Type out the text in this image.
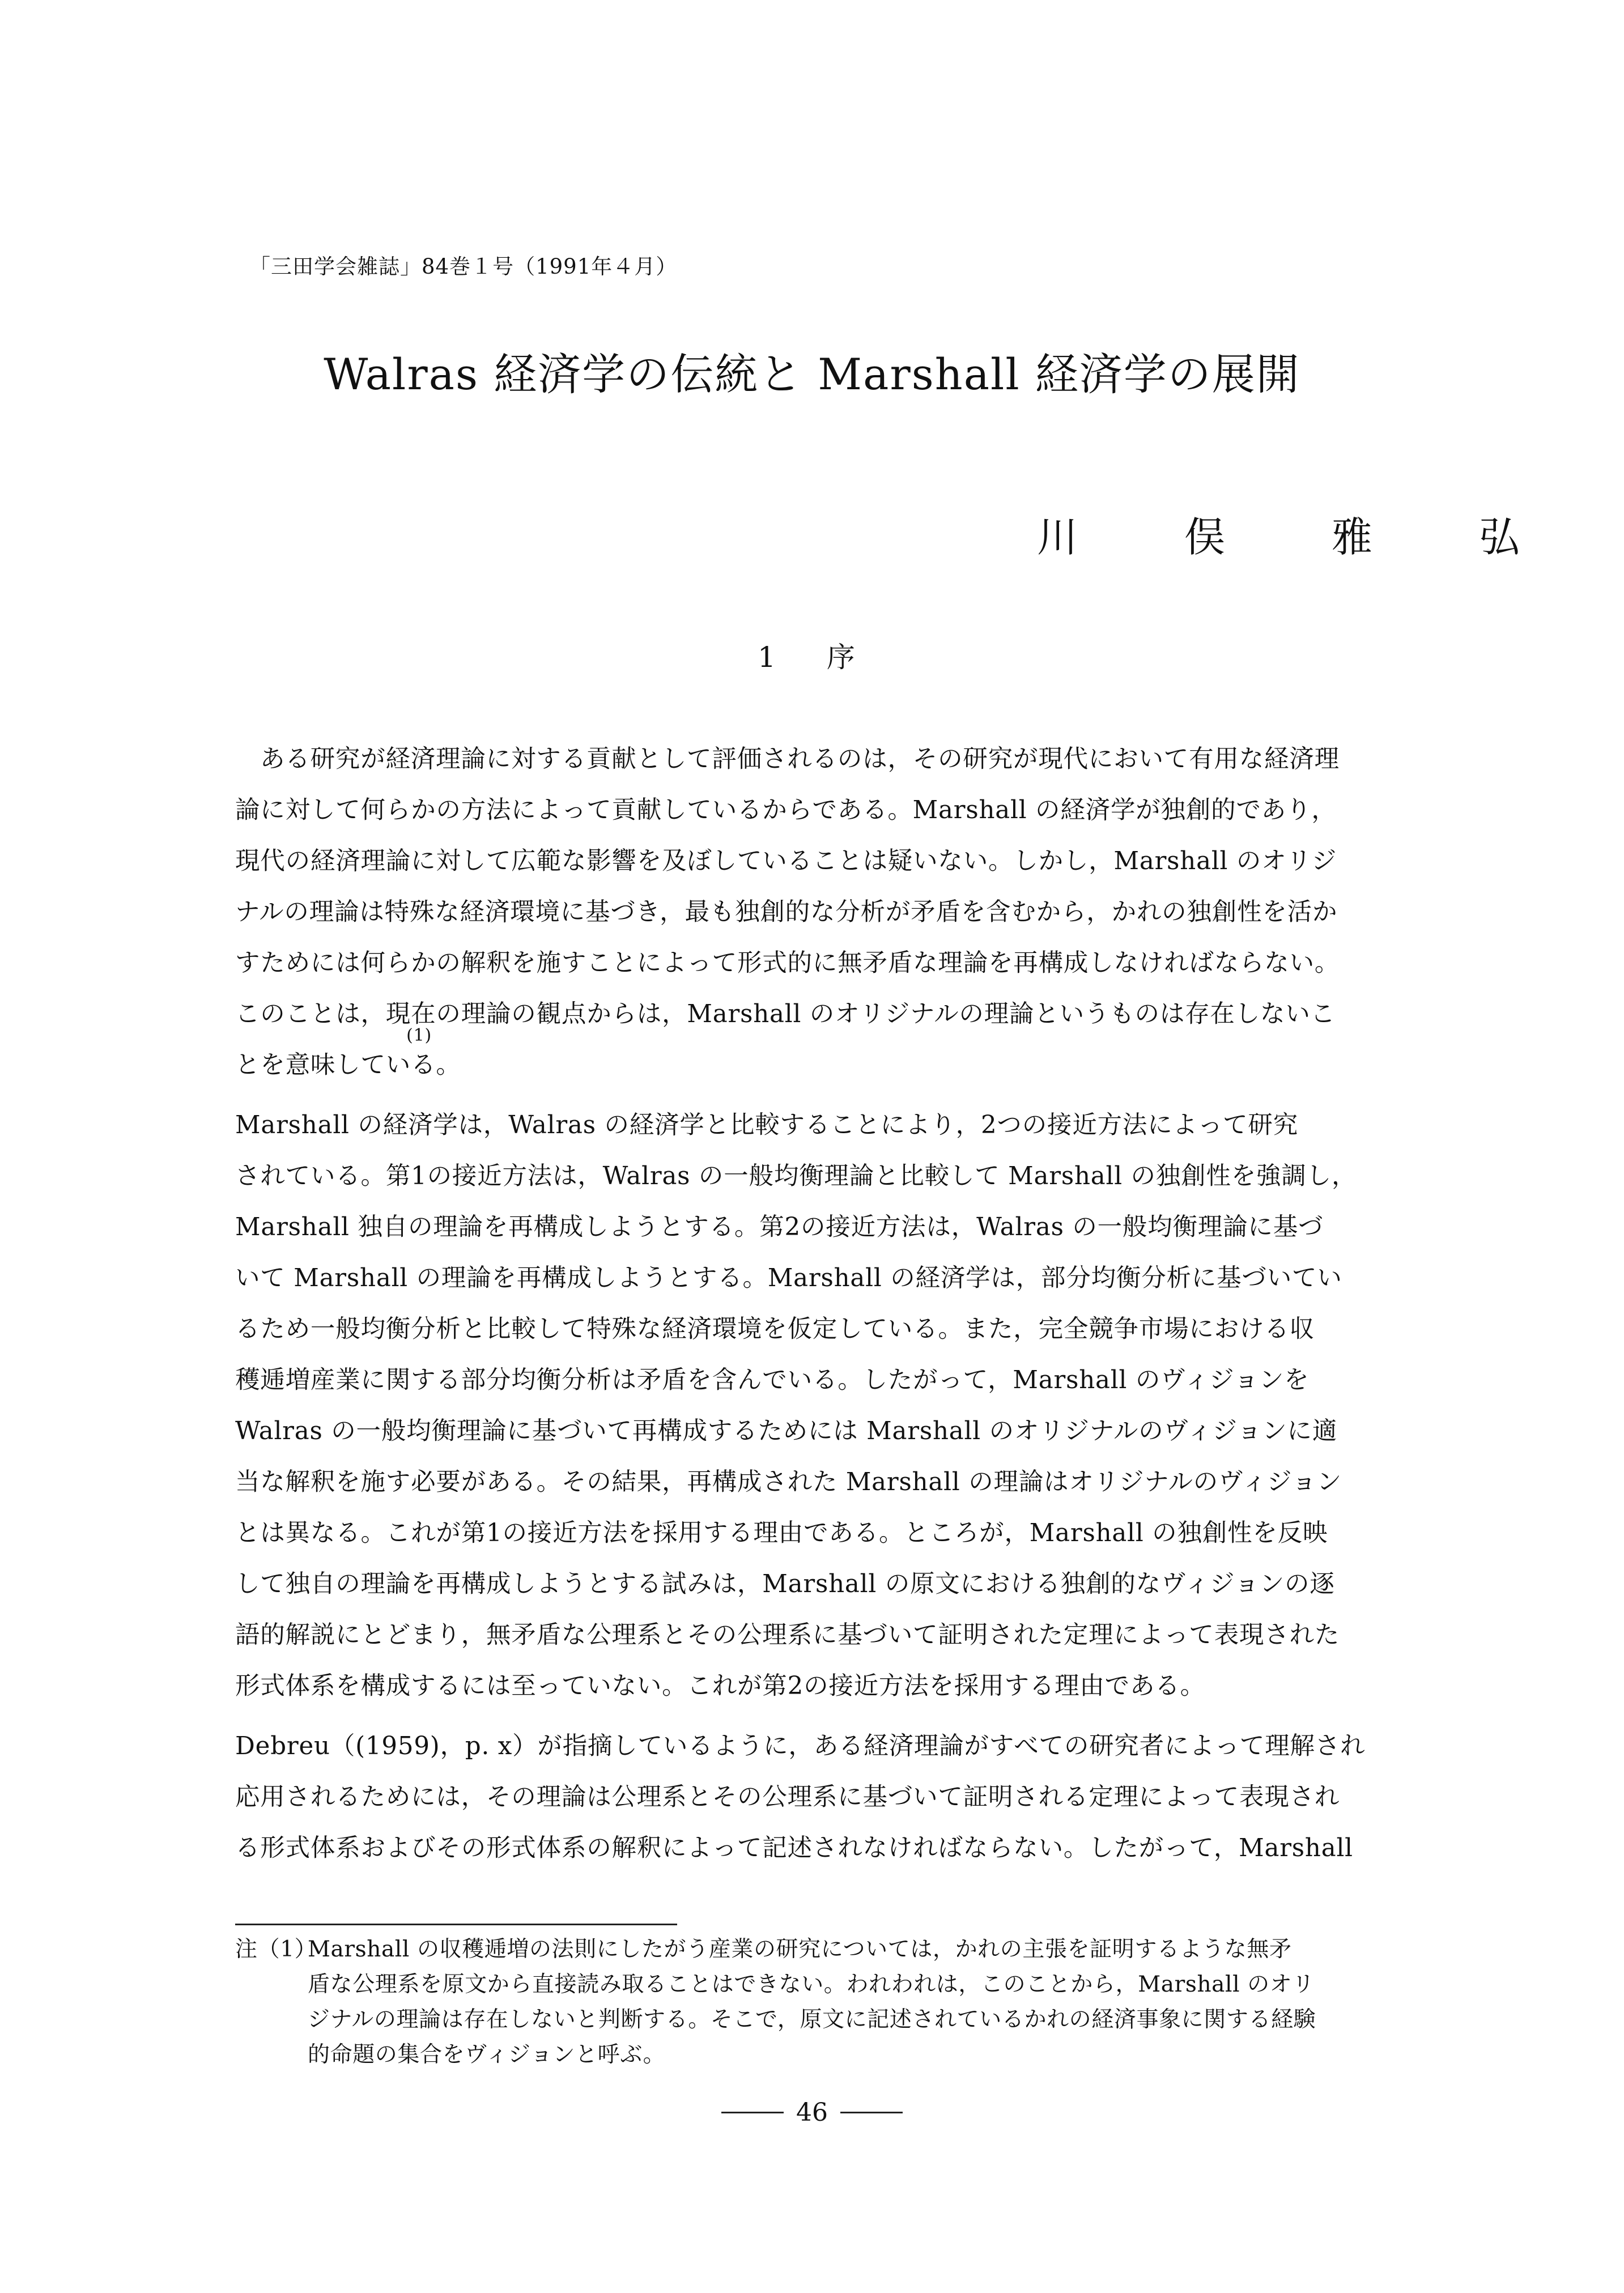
「三田学会雑誌」84巻１号（1991年４月）
Walras 経済学の伝統と Marshall 経済学の展開
川　俣　雅　弘
1　序
ある研究が経済理論に対する貢献として評価されるのは，その研究が現代において有用な経済理
論に対して何らかの方法によって貢献しているからである。Marshall の経済学が独創的であり，
現代の経済理論に対して広範な影響を及ぼしていることは疑いない。しかし，Marshall のオリジ
ナルの理論は特殊な経済環境に基づき，最も独創的な分析が矛盾を含むから，かれの独創性を活か
すためには何らかの解釈を施すことによって形式的に無矛盾な理論を再構成しなければならない。
このことは，現在の理論の観点からは，Marshall のオリジナルの理論というものは存在しないこ
とを意味してい
(1)
る。
Marshall の経済学は，Walras の経済学と比較することにより，2つの接近方法によって研究
されている。第1の接近方法は，Walras の一般均衡理論と比較して Marshall の独創性を強調し，
Marshall 独自の理論を再構成しようとする。第2の接近方法は，Walras の一般均衡理論に基づ
いて Marshall の理論を再構成しようとする。Marshall の経済学は，部分均衡分析に基づいてい
るため一般均衡分析と比較して特殊な経済環境を仮定している。また，完全競争市場における収
穫逓増産業に関する部分均衡分析は矛盾を含んでいる。したがって，Marshall のヴィジョンを
Walras の一般均衡理論に基づいて再構成するためには Marshall のオリジナルのヴィジョンに適
当な解釈を施す必要がある。その結果，再構成された Marshall の理論はオリジナルのヴィジョン
とは異なる。これが第1の接近方法を採用する理由である。ところが，Marshall の独創性を反映
して独自の理論を再構成しようとする試みは，Marshall の原文における独創的なヴィジョンの逐
語的解説にとどまり，無矛盾な公理系とその公理系に基づいて証明された定理によって表現された
形式体系を構成するには至っていない。これが第2の接近方法を採用する理由である。
Debreu（(1959)，p. x）が指摘しているように，ある経済理論がすべての研究者によって理解され
応用されるためには，その理論は公理系とその公理系に基づいて証明される定理によって表現され
る形式体系およびその形式体系の解釈によって記述されなければならない。したがって，Marshall
注（1）
Marshall の収穫逓増の法則にしたがう産業の研究については，かれの主張を証明するような無矛
盾な公理系を原文から直接読み取ることはできない。われわれは，このことから，Marshall のオリ
ジナルの理論は存在しないと判断する。そこで，原文に記述されているかれの経済事象に関する経験
的命題の集合をヴィジョンと呼ぶ。
46
